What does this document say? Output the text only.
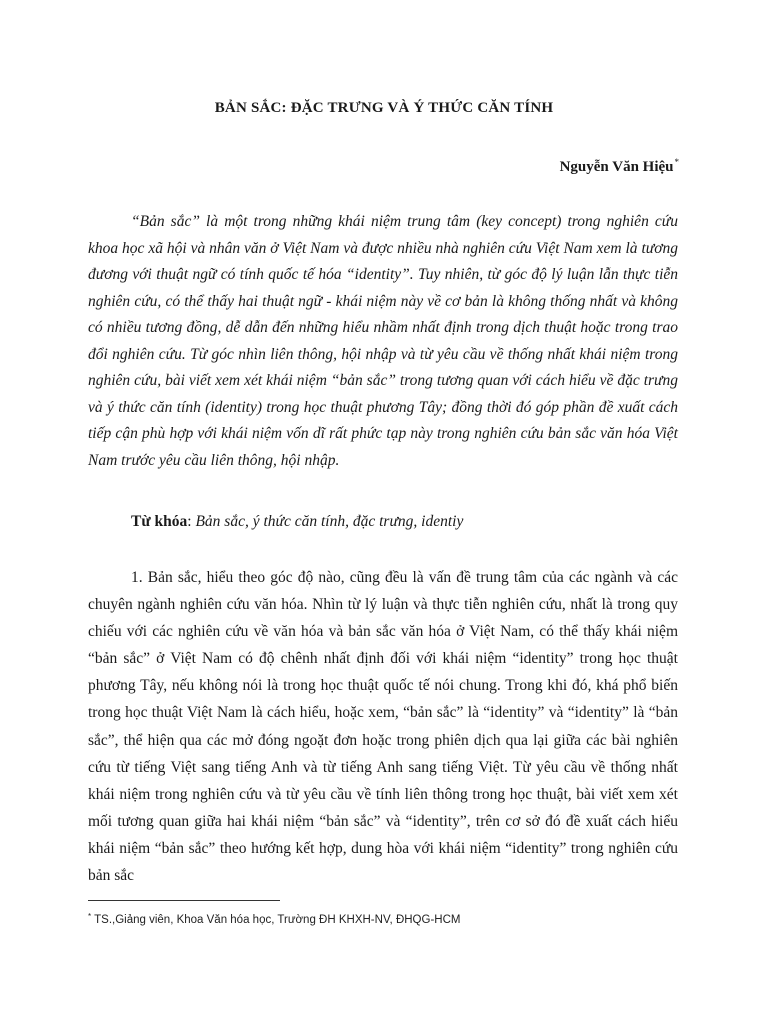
BẢN SẮC: ĐẶC TRƯNG VÀ Ý THỨC CĂN TÍNH
Nguyễn Văn Hiệu*

“Bản sắc” là một trong những khái niệm trung tâm (key concept) trong nghiên cứu khoa học xã hội và nhân văn ở Việt Nam và được nhiều nhà nghiên cứu Việt Nam xem là tương đương với thuật ngữ có tính quốc tế hóa “identity”. Tuy nhiên, từ góc độ lý luận lẫn thực tiễn nghiên cứu, có thể thấy hai thuật ngữ - khái niệm này về cơ bản là không thống nhất và không có nhiều tương đồng, dễ dẫn đến những hiểu nhầm nhất định trong dịch thuật hoặc trong trao đổi nghiên cứu. Từ góc nhìn liên thông, hội nhập và từ yêu cầu về thống nhất khái niệm trong nghiên cứu, bài viết xem xét khái niệm “bản sắc” trong tương quan với cách hiểu về đặc trưng và ý thức căn tính (identity) trong học thuật phương Tây; đồng thời đó góp phần đề xuất cách tiếp cận phù hợp với khái niệm vốn dĩ rất phức tạp này trong nghiên cứu bản sắc văn hóa Việt Nam trước yêu cầu liên thông, hội nhập.

Từ khóa: Bản sắc, ý thức căn tính, đặc trưng, identiy

1. Bản sắc, hiểu theo góc độ nào, cũng đều là vấn đề trung tâm của các ngành và các chuyên ngành nghiên cứu văn hóa. Nhìn từ lý luận và thực tiễn nghiên cứu, nhất là trong quy chiếu với các nghiên cứu về văn hóa và bản sắc văn hóa ở Việt Nam, có thể thấy khái niệm “bản sắc” ở Việt Nam có độ chênh nhất định đối với khái niệm “identity” trong học thuật phương Tây, nếu không nói là trong học thuật quốc tế nói chung. Trong khi đó, khá phổ biến trong học thuật Việt Nam là cách hiểu, hoặc xem, “bản sắc” là “identity” và “identity” là “bản sắc”, thể hiện qua các mở đóng ngoặt đơn hoặc trong phiên dịch qua lại giữa các bài nghiên cứu từ tiếng Việt sang tiếng Anh và từ tiếng Anh sang tiếng Việt. Từ yêu cầu về thống nhất khái niệm trong nghiên cứu và từ yêu cầu về tính liên thông trong học thuật, bài viết xem xét mối tương quan giữa hai khái niệm “bản sắc” và “identity”, trên cơ sở đó đề xuất cách hiểu khái niệm “bản sắc” theo hướng kết hợp, dung hòa với khái niệm “identity” trong nghiên cứu bản sắc

* TS.,Giảng viên, Khoa Văn hóa học, Trường ĐH KHXH-NV, ĐHQG-HCM
